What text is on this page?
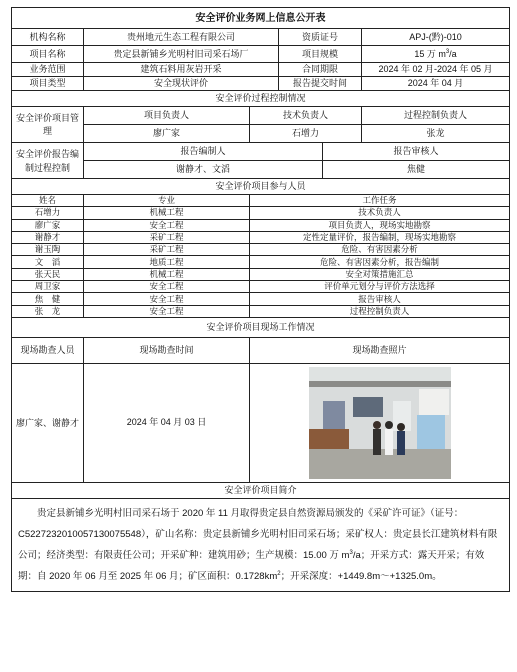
安全评价业务网上信息公开表					
机构名称	贵州地元生态工程有限公司		资质证号		APJ-(黔)-010
项目名称	贵定县新铺乡光明村旧司采石场厂		项目规模		15 万 $m^3/a$
业务范围	建筑石料用灰岩开采		合同期限		2024 年 02 月-2024 年 05 月
项目类型	安全现状评价		报告提交时间		2024 年 04 月
安全评价过程控制情况					
安全评价项目管理	项目负责人	技术负责人			过程控制负责人
	廖广家	石增力			张龙
安全评价报告编制过程控制	报告编制人			报告审核人	
	谢静才、文滔			焦健	
安全评价项目参与人员					
姓名	专业	工作任务			
石增力	机械工程	技术负责人			
廖广家	安全工程	项目负责人，现场实地勘察			
谢静才	采矿工程	定性定量评价，报告编制，现场实地勘察			
谢玉陶	采矿工程	危险、有害因素分析			
文　滔	地质工程	危险、有害因素分析，报告编制			
张天民	机械工程	安全对策措施汇总			
周卫家	安全工程	评价单元划分与评价方法选择			
焦　健	安全工程	报告审核人			
张　龙	安全工程	过程控制负责人			
安全评价项目现场工作情况					
现场勘查人员	现场勘查时间	现场勘查照片			
廖广家、谢静才	2024 年 04 月 03 日	

安全评价项目简介					
贵定县新铺乡光明村旧司采石场于 2020 年 11 月取得贵定县自然资源局颁发的《采矿许可证》（证号：C5227232010057130075548），矿山名称：贵定县新铺乡光明村旧司采石场；采矿权人：贵定县长江建筑材料有限公司；经济类型：有限责任公司；开采矿种：建筑用砂；生产规模：15.00 万 $m^3/a$；开采方式：露天开采；有效期：自 2020 年 06 月至 2025 年 06 月；矿区面积：$0.1728km^2$；开采深度：+1449.8m～+1325.0m。					
